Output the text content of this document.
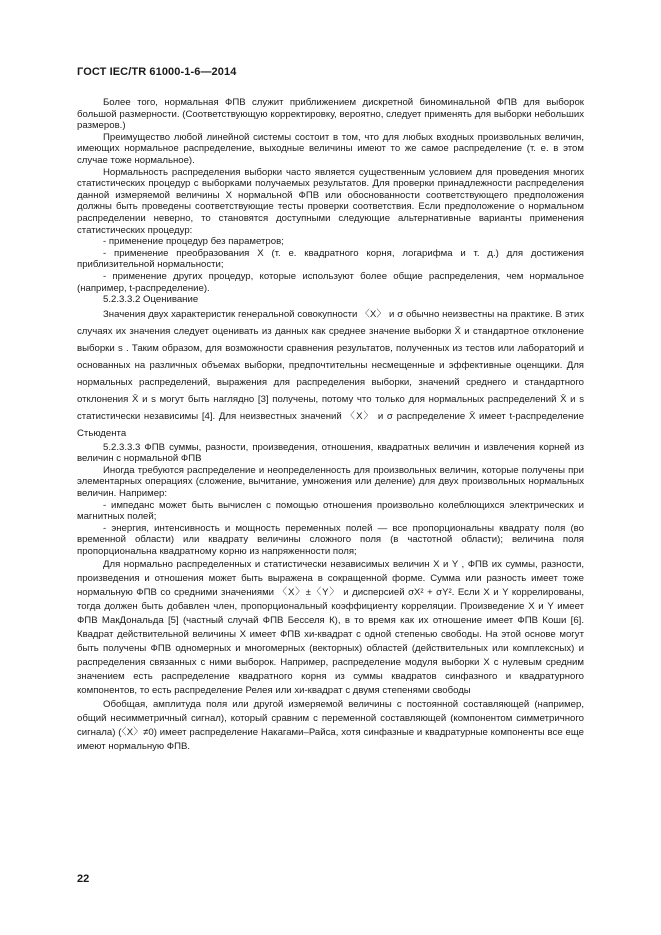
ГОСТ IEC/TR 61000-1-6—2014

Более того, нормальная ФПВ служит приближением дискретной биноминальной ФПВ для выборок большой размерности. (Соответствующую корректировку, вероятно, следует применять для выборки небольших размеров.)

Преимущество любой линейной системы состоит в том, что для любых входных произвольных величин, имеющих нормальное распределение, выходные величины имеют то же самое распределение (т. е. в этом случае тоже нормальное).

Нормальность распределения выборки часто является существенным условием для проведения многих статистических процедур с выборками получаемых результатов. Для проверки принадлежности распределения данной измеряемой величины X нормальной ФПВ или обоснованности соответствующего предположения должны быть проведены соответствующие тесты проверки соответствия. Если предположение о нормальном распределении неверно, то становятся доступными следующие альтернативные варианты применения статистических процедур:

- применение процедур без параметров;

- применение преобразования X (т. е. квадратного корня, логарифма и т. д.) для достижения приблизительной нормальности;

- применение других процедур, которые используют более общие распределения, чем нормальное (например, t-распределение).

5.2.3.3.2 Оценивание

Значения двух характеристик генеральной совокупности 〈X〉 и σ обычно неизвестны на практике. В этих случаях их значения следует оценивать из данных как среднее значение выборки X̄ и стандартное отклонение выборки s . Таким образом, для возможности сравнения результатов, полученных из тестов или лабораторий и основанных на различных объемах выборки, предпочтительны несмещенные и эффективные оценщики. Для нормальных распределений, выражения для распределения выборки, значений среднего и стандартного отклонения X̄ и s могут быть наглядно [3] получены, потому что только для нормальных распределений X̄ и s статистически независимы [4]. Для неизвестных значений 〈X〉 и σ распределение X̄ имеет t-распределение Стьюдента

5.2.3.3.3 ФПВ суммы, разности, произведения, отношения, квадратных величин и извлечения корней из величин с нормальной ФПВ

Иногда требуются распределение и неопределенность для произвольных величин, которые получены при элементарных операциях (сложение, вычитание, умножения или деление) для двух произвольных нормальных величин. Например:

- импеданс может быть вычислен с помощью отношения произвольно колеблющихся электрических и магнитных полей;

- энергия, интенсивность и мощность переменных полей — все пропорциональны квадрату поля (во временной области) или квадрату величины сложного поля (в частотной области); величина поля пропорциональна квадратному корню из напряженности поля;

Для нормально распределенных и статистически независимых величин X и Y , ФПВ их суммы, разности, произведения и отношения может быть выражена в сокращенной форме. Сумма или разность имеет тоже нормальную ФПВ со средними значениями 〈X〉±〈Y〉 и дисперсией σX² + σY². Если X и Y коррелированы, тогда должен быть добавлен член, пропорциональный коэффициенту корреляции. Произведение X и Y имеет ФПВ МакДональда [5] (частный случай ФПВ Бесселя К), в то время как их отношение имеет ФПВ Коши [6]. Квадрат действительной величины X имеет ФПВ хи-квадрат с одной степенью свободы. На этой основе могут быть получены ФПВ одномерных и многомерных (векторных) областей (действительных или комплексных) и распределения связанных с ними выборок. Например, распределение модуля выборки X с нулевым средним значением есть распределение квадратного корня из суммы квадратов синфазного и квадратурного компонентов, то есть распределение Релея или хи-квадрат с двумя степенями свободы

Обобщая, амплитуда поля или другой измеряемой величины с постоянной составляющей (например, общий несимметричный сигнал), который сравним с переменной составляющей (компонентом симметричного сигнала) (〈X〉≠0) имеет распределение Накагами–Райса, хотя синфазные и квадратурные компоненты все еще имеют нормальную ФПВ.

22
